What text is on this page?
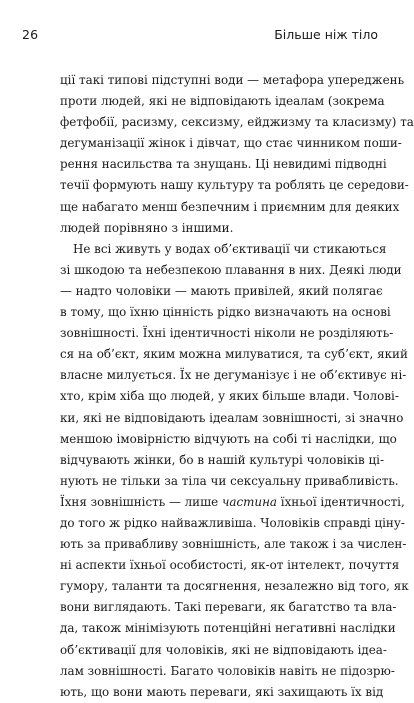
26	Більше ніж тіло
ції такі типові підступні води — метафора упереджень
проти людей, які не відповідають ідеалам (зокрема
фетфобії, расизму, сексизму, ейджизму та класизму) та
дегуманізації жінок і дівчат, що стає чинником поши-
рення насильства та знущань. Ці невидимі підводні
течії формують нашу культуру та роблять це середови-
ще набагато менш безпечним і приємним для деяких
людей порівняно з іншими.
Не всі живуть у водах об’єктивації чи стикаються
зі шкодою та небезпекою плавання в них. Деякі люди
— надто чоловіки — мають привілей, який полягає
в тому, що їхню цінність рідко визначають на основі
зовнішності. Їхні ідентичності ніколи не розділяють-
ся на об’єкт, яким можна милуватися, та суб’єкт, який
власне милується. Їх не дегуманізує і не об’єктивує ні-
хто, крім хіба що людей, у яких більше влади. Чолові-
ки, які не відповідають ідеалам зовнішності, зі значно
меншою імовірністю відчують на собі ті наслідки, що
відчувають жінки, бо в нашій культурі чоловіків ці-
нують не тільки за тіла чи сексуальну привабливість.
Їхня зовнішність — лише частина їхньої ідентичності,
до того ж рідко найважливіша. Чоловіків справді ціну-
ють за привабливу зовнішність, але також і за числен-
ні аспекти їхньої особистості, як-от інтелект, почуття
гумору, таланти та досягнення, незалежно від того, як
вони виглядають. Такі переваги, як багатство та вла-
да, також мінімізують потенційні негативні наслідки
об’єктивації для чоловіків, які не відповідають ідеа-
лам зовнішності. Багато чоловіків навіть не підозрю-
ють, що вони мають переваги, які захищають їх від
